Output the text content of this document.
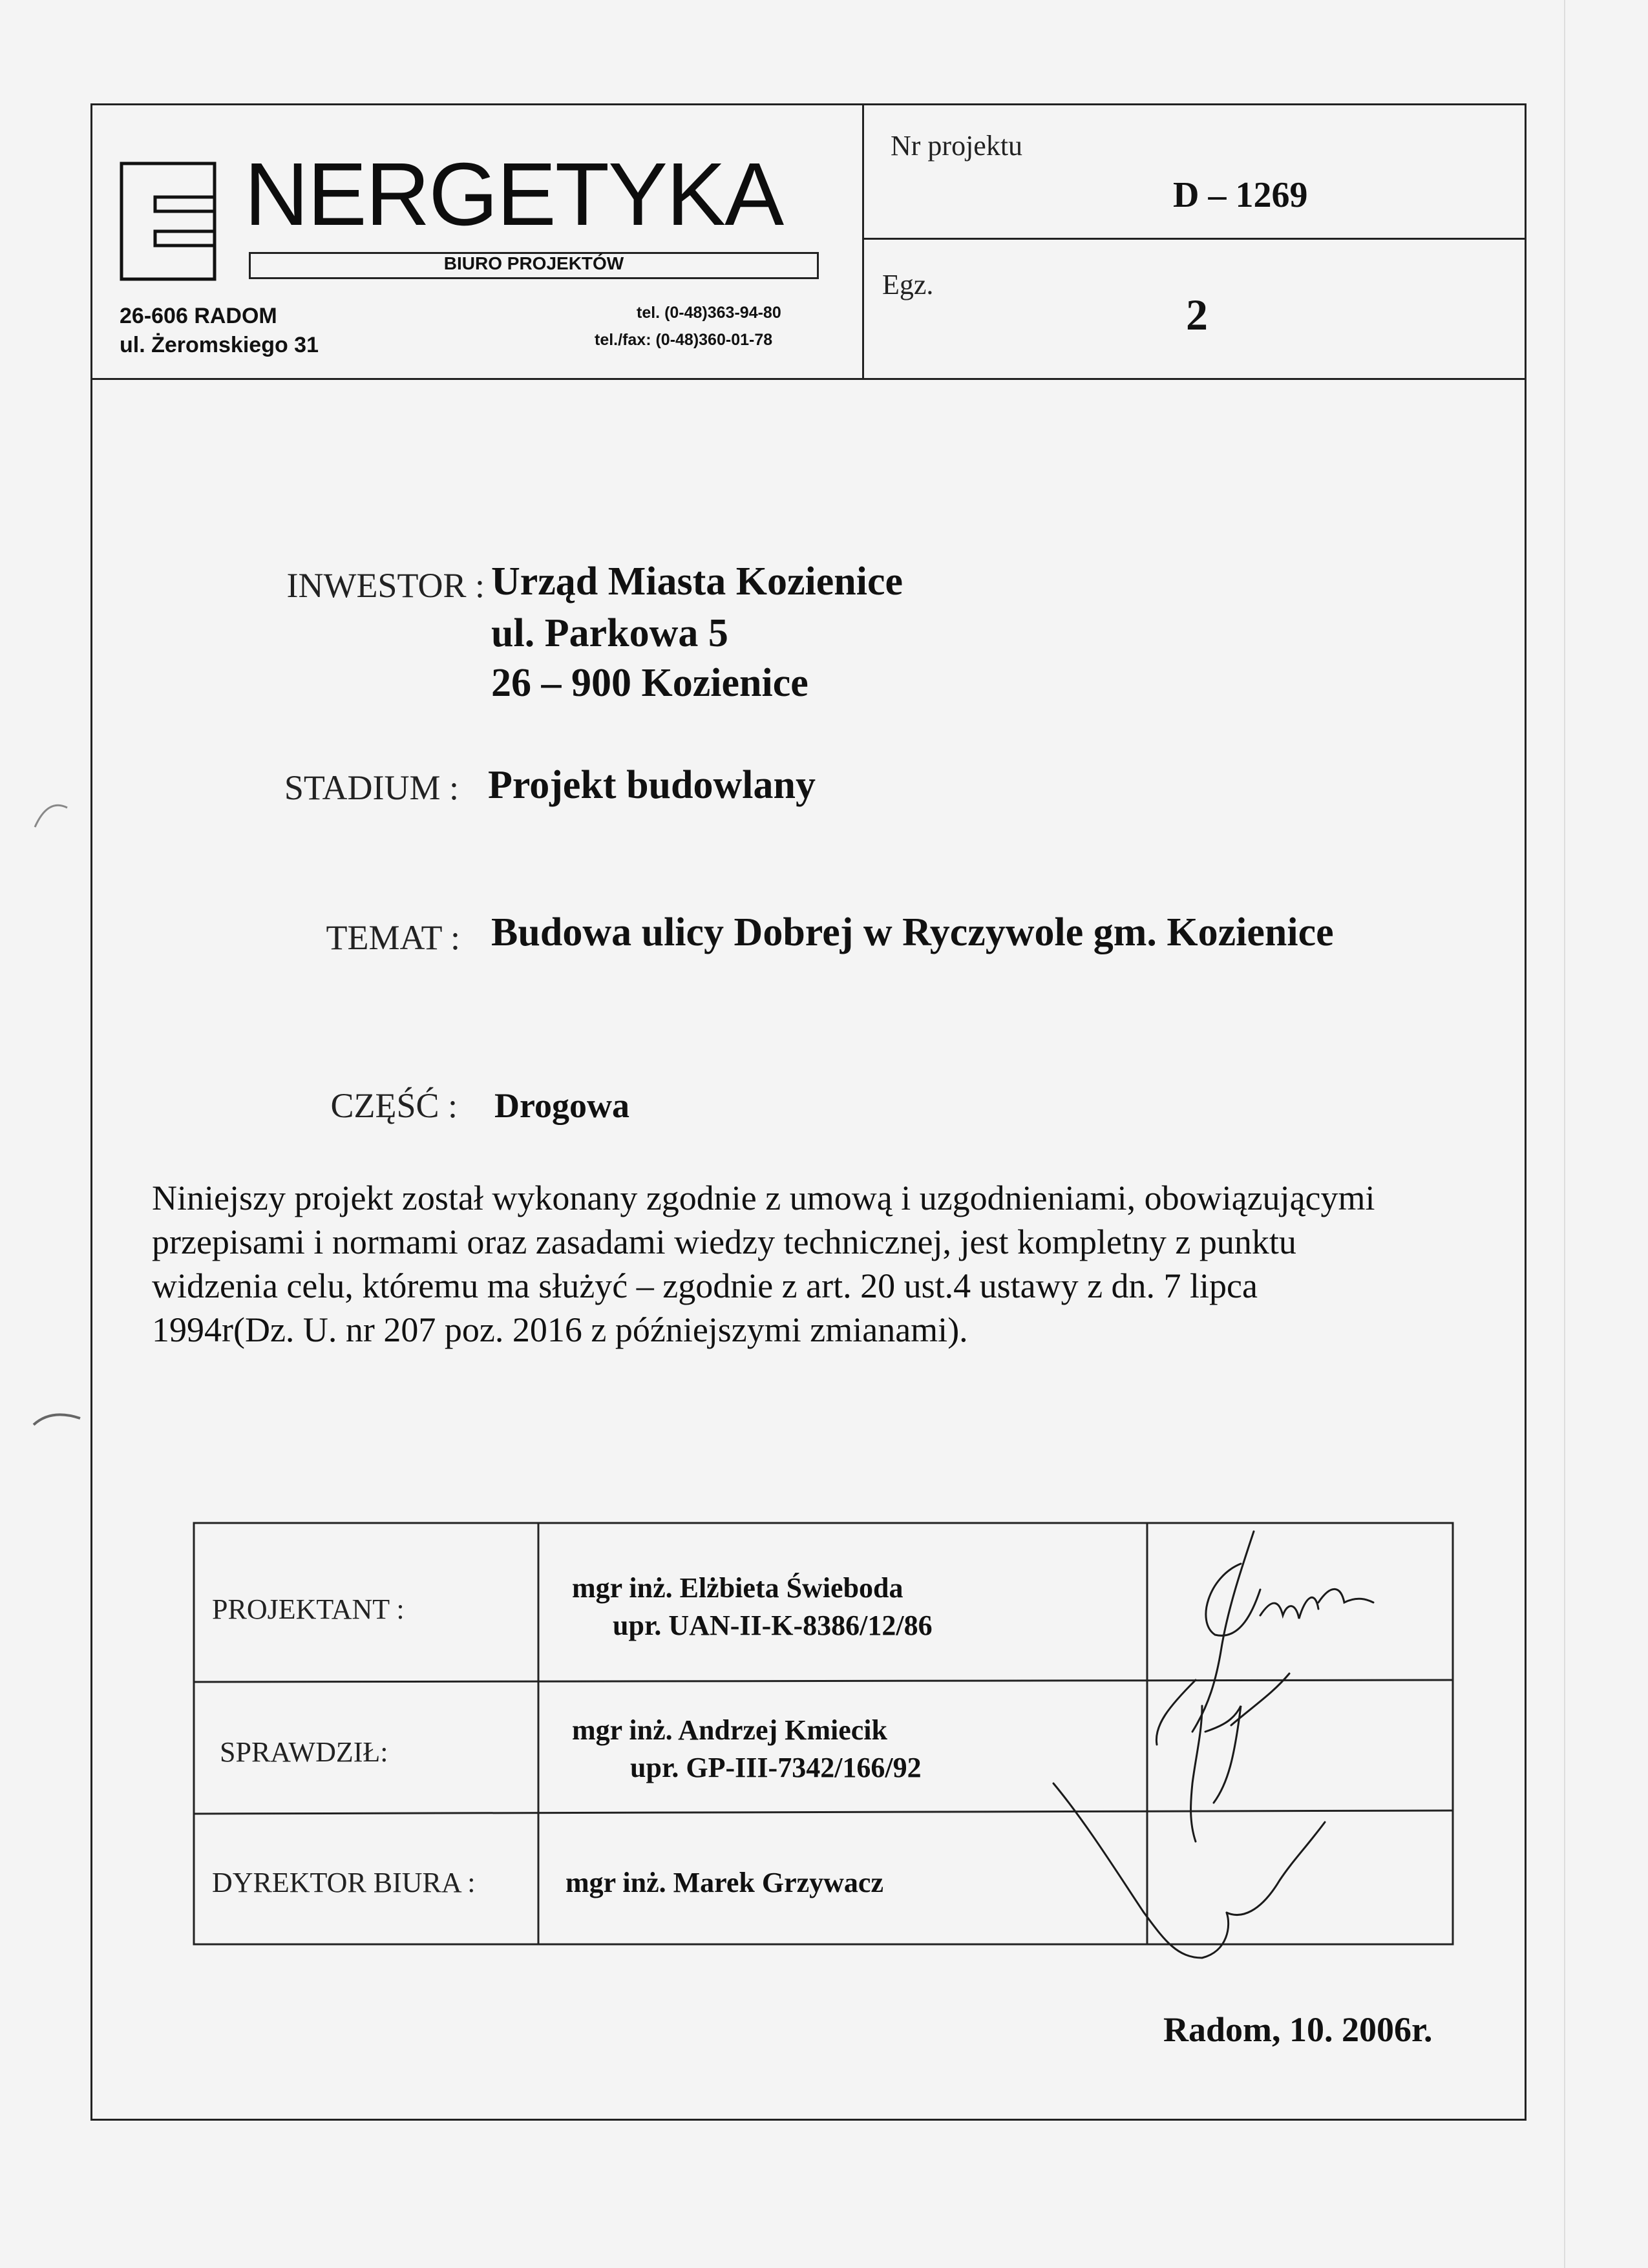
NERGETYKA
BIURO PROJEKTÓW
26-606 RADOM
ul. Żeromskiego 31
tel. (0-48)363-94-80
tel./fax: (0-48)360-01-78
Nr projektu
D – 1269
Egz.
2
INWESTOR : Urząd Miasta Kozienice
ul. Parkowa 5
26 – 900 Kozienice
STADIUM : Projekt budowlany
TEMAT : Budowa ulicy Dobrej w Ryczywole gm. Kozienice
CZĘŚĆ : Drogowa
Niniejszy projekt został wykonany zgodnie z umową i uzgodnieniami, obowiązującymi
przepisami i normami oraz zasadami wiedzy technicznej, jest kompletny z punktu
widzenia celu, któremu ma służyć – zgodnie z art. 20 ust.4 ustawy z dn. 7 lipca
1994r(Dz. U. nr 207 poz. 2016 z późniejszymi zmianami).
PROJEKTANT :
mgr inż. Elżbieta Świeboda
upr. UAN-II-K-8386/12/86
SPRAWDZIŁ:
mgr inż. Andrzej Kmiecik
upr. GP-III-7342/166/92
DYREKTOR BIURA :	mgr inż. Marek Grzywacz
Radom, 10. 2006r.
